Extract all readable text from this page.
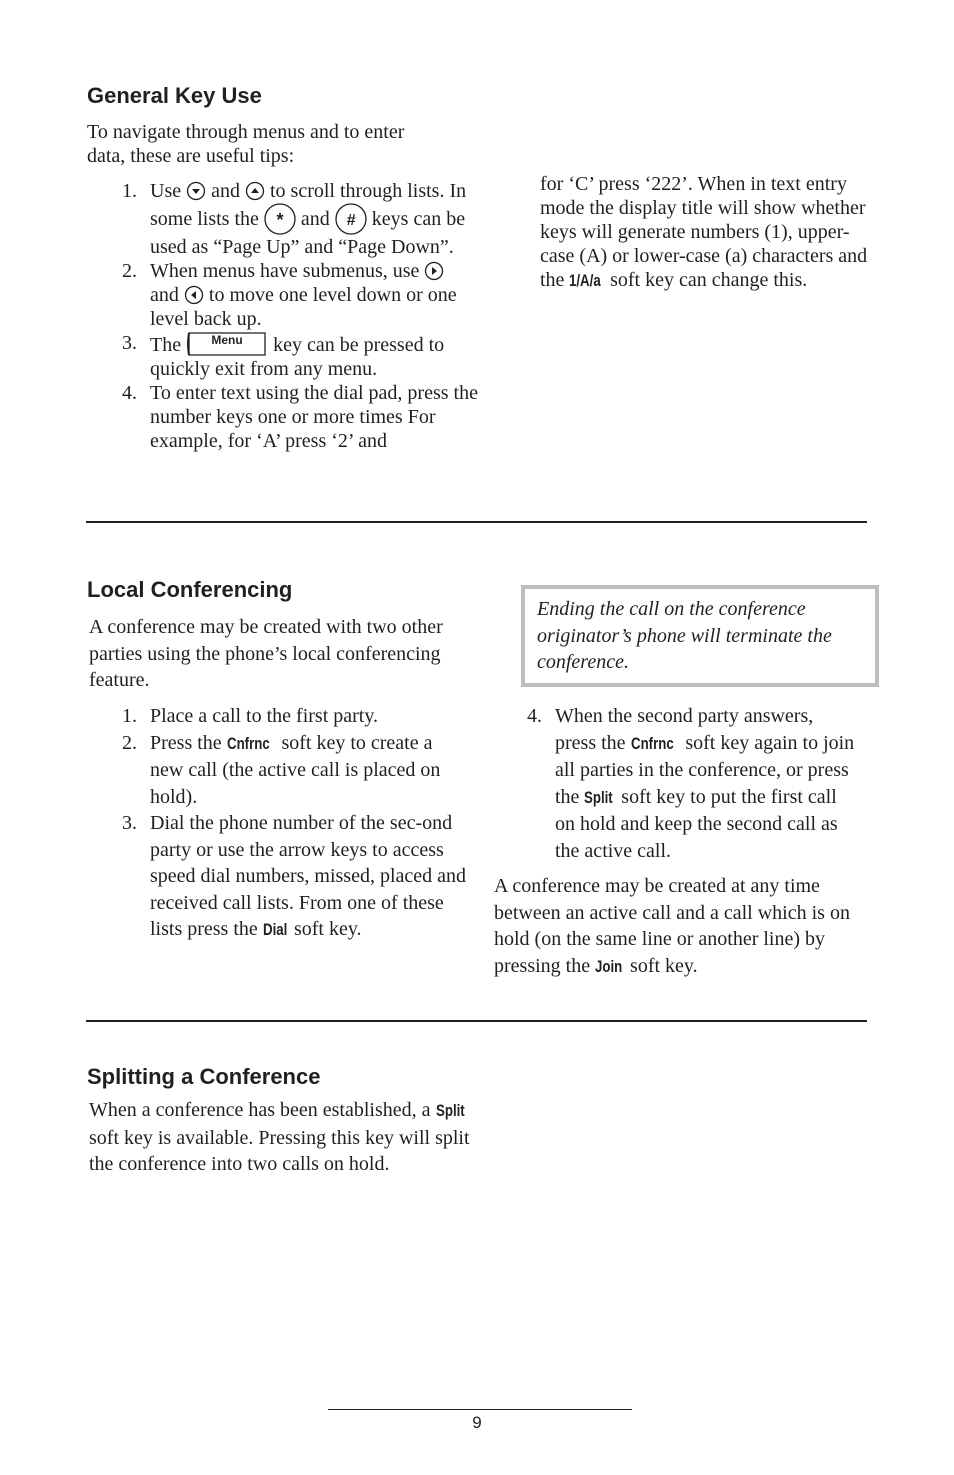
General Key Use
To navigate through menus and to enter data, these are useful tips:
1. Use and to scroll through lists. In some lists the * and # keys can be used as “Page Up” and “Page Down”.
2. When menus have submenus, use  and to move one level down or one level back up.
3. The	Menu key can be pressed to quickly exit from any menu.
4. To enter text using the dial pad, press the number keys one or more times For example, for ‘A’ press ‘2’ and
for ‘C’ press ‘222’. When in text entry mode the display title will show whether keys will generate numbers (1), upper-case (A) or lower-case (a) characters and the 1/A/a soft key can change this.
Local Conferencing
A conference may be created with two other parties using the phone’s local conferencing feature.
1. Place a call to the first party.
2. Press the Cnfrnc soft key to create a new call (the active call is placed on hold).
3. Dial the phone number of the sec-ond party or use the arrow keys to access speed dial numbers, missed, placed and received call lists. From one of these lists press the Dial soft key.
Ending the call on the conference originator’s phone will terminate the conference.
4. When the second party answers, press the Cnfrnc soft key again to join all parties in the conference, or press the Split soft key to put the first call on hold and keep the second call as the active call.
A conference may be created at any time between an active call and a call which is on hold (on the same line or another line) by pressing the Join soft key.
Splitting a Conference
When a conference has been established, a Split soft key is available. Pressing this key will split the conference into two calls on hold.
9
